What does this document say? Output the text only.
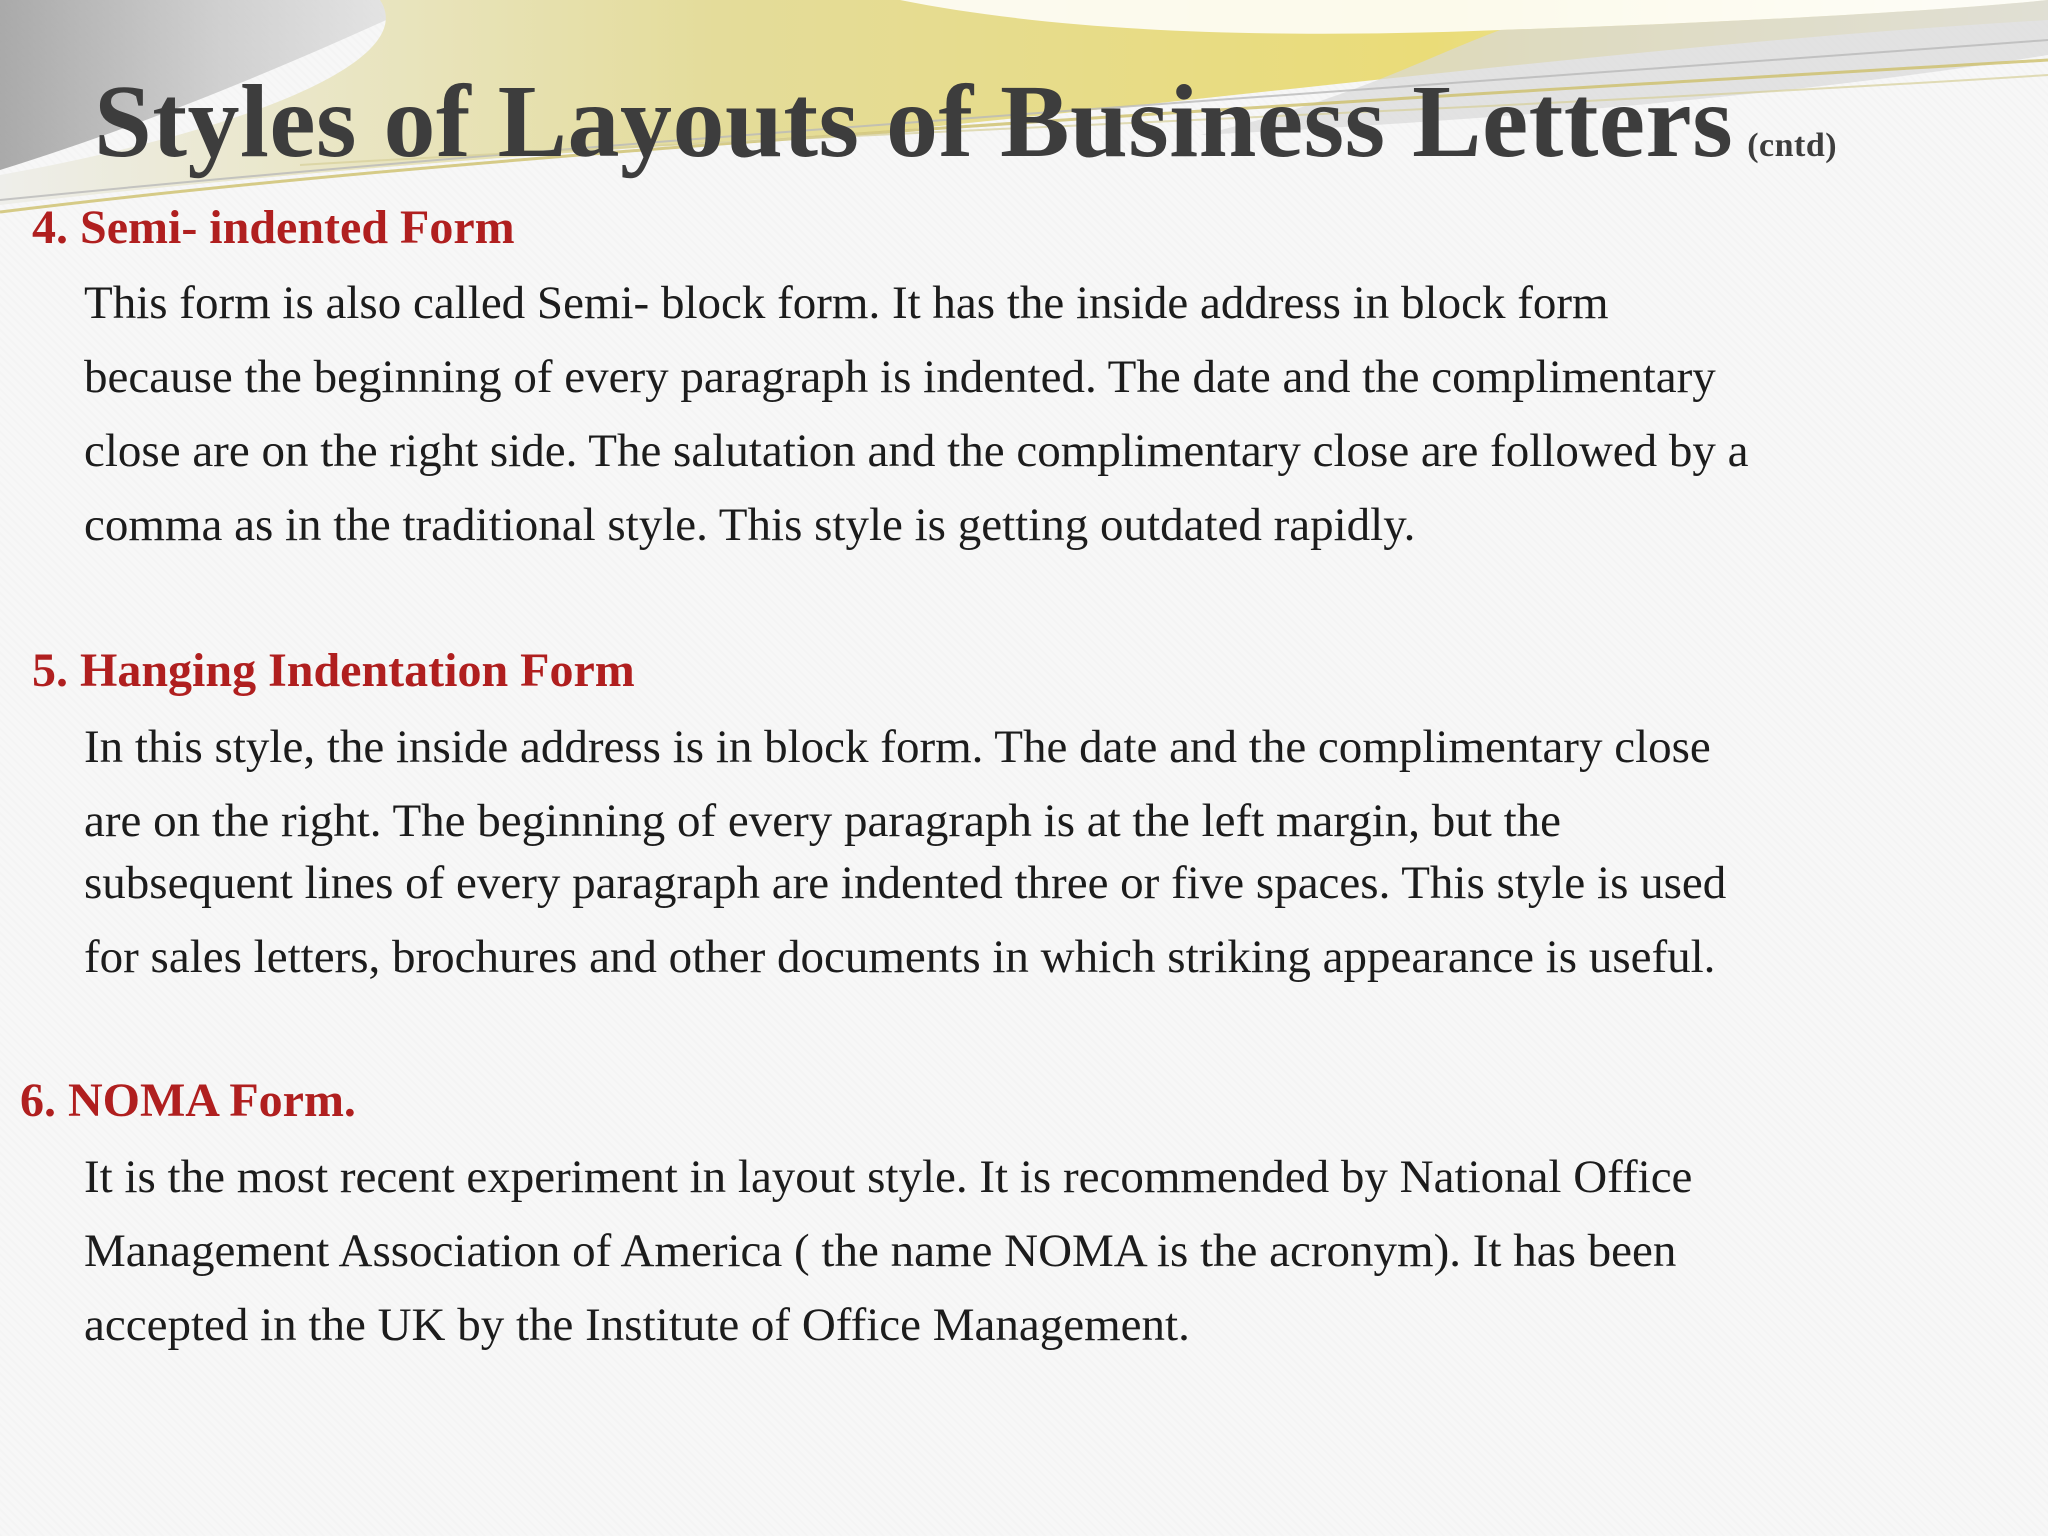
Styles of Layouts of Business Letters (cntd)
4. Semi- indented Form
This form is also called Semi- block form. It has the inside address in block form
because the beginning of every paragraph is indented. The date and the complimentary
close are on the right side. The salutation and the complimentary close are followed by a
comma as in the traditional style. This style is getting outdated rapidly.
5. Hanging Indentation Form
In this style, the inside address is in block form. The date and the complimentary close
are on the right. The beginning of every paragraph is at the left margin, but the
subsequent lines of every paragraph are indented three or five spaces. This style is used
for sales letters, brochures and other documents in which striking appearance is useful.
6. NOMA Form.
It is the most recent experiment in layout style. It is recommended by National Office
Management Association of America ( the name NOMA is the acronym). It has been
accepted in the UK by the Institute of Office Management.
